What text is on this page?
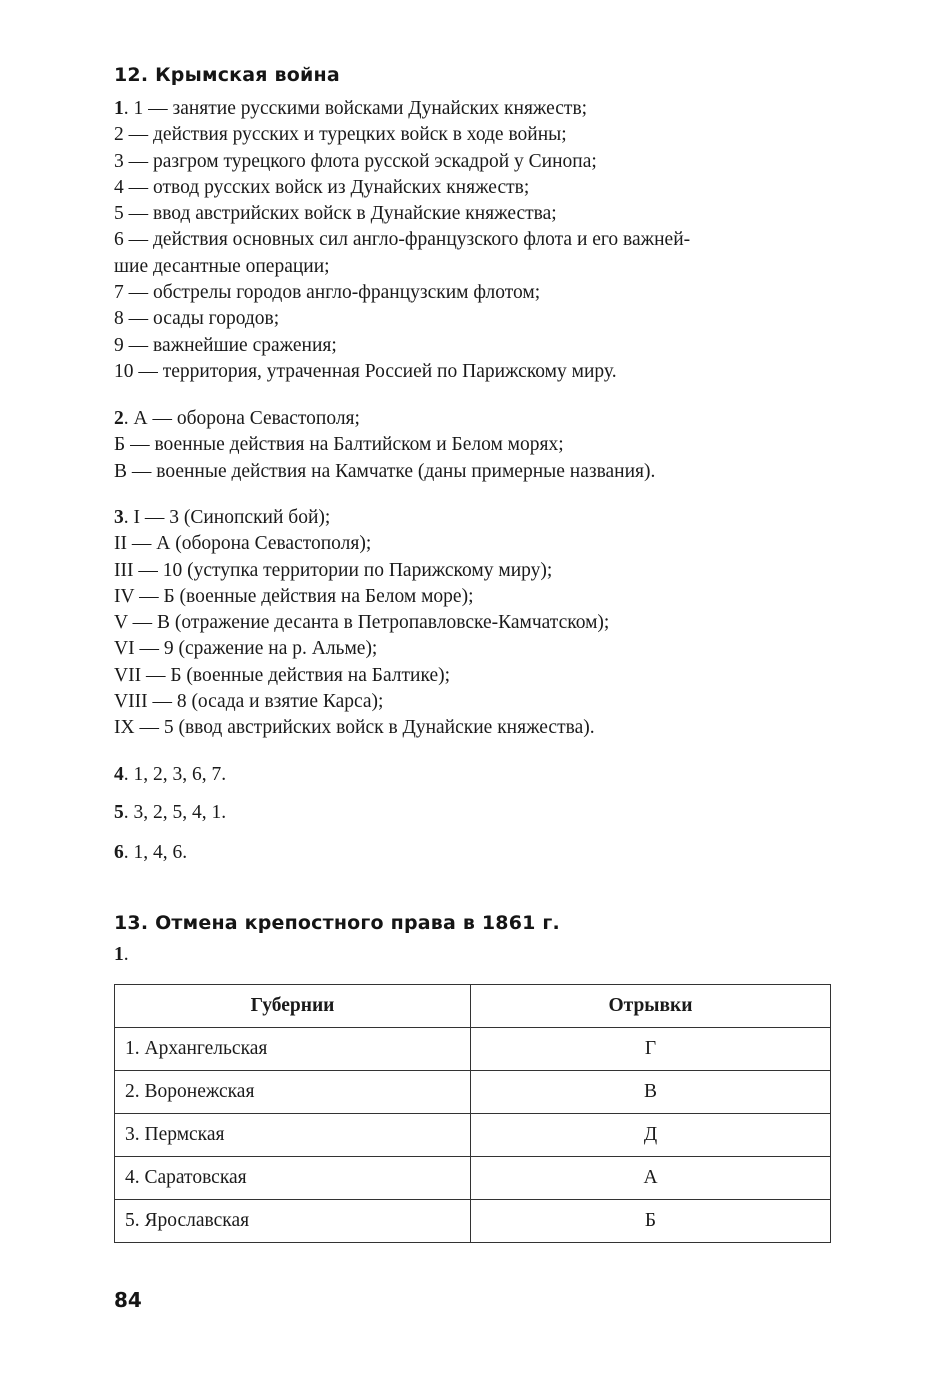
12. Крымская война
1. 1 — занятие русскими войсками Дунайских княжеств;
2 — действия русских и турецких войск в ходе войны;
3 — разгром турецкого флота русской эскадрой у Синопа;
4 — отвод русских войск из Дунайских княжеств;
5 — ввод австрийских войск в Дунайские княжества;
6 — действия основных сил англо-французского флота и его важней-
шие десантные операции;
7 — обстрелы городов англо-французским флотом;
8 — осады городов;
9 — важнейшие сражения;
10 — территория, утраченная Россией по Парижскому миру.
2. А — оборона Севастополя;
Б — военные действия на Балтийском и Белом морях;
В — военные действия на Камчатке (даны примерные названия).
3. I — 3 (Синопский бой);
II — А (оборона Севастополя);
III — 10 (уступка территории по Парижскому миру);
IV — Б (военные действия на Белом море);
V — В (отражение десанта в Петропавловске-Камчатском);
VI — 9 (сражение на р. Альме);
VII — Б (военные действия на Балтике);
VIII — 8 (осада и взятие Карса);
IX — 5 (ввод австрийских войск в Дунайские княжества).
4. 1, 2, 3, 6, 7.
5. 3, 2, 5, 4, 1.
6. 1, 4, 6.
13. Отмена крепостного права в 1861 г.
1.
Губернии	Отрывки
1. Архангельская	Г
2. Воронежская	В
3. Пермская	Д
4. Саратовская	А
5. Ярославская	Б
84
